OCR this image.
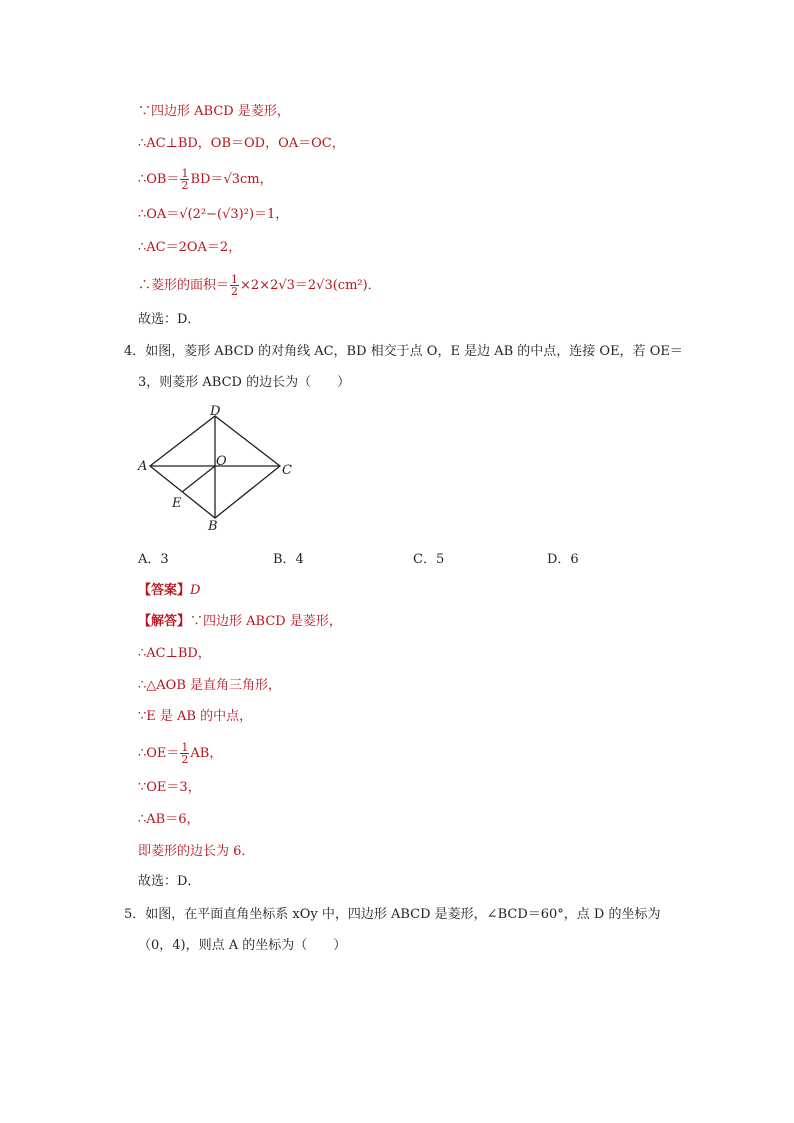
∵四边形 ABCD 是菱形，
∴AC⊥BD，OB＝OD，OA＝OC，
∴OB＝ $\frac{1}{2} BD=√3cm$，
∴OA＝√(2²−(√3)²)＝1，
∴AC＝2OA＝2，
∴菱形的面积＝ $\frac{1}{2} \times 2\times 2√3=2√3(cm^2)$．
故选：D．
4．如图，菱形 ABCD 的对角线 AC，BD 相交于点 O，E 是边 AB 的中点，连接 OE，若 OE＝
3，则菱形 ABCD 的边长为（　　）
D
A	C
O
E
B
A．3	B．4	C．5	D．6
【答案】D
【解答】∵四边形 ABCD 是菱形，
∴AC⊥BD，
∴△AOB 是直角三角形，
∵E 是 AB 的中点，
∴OE＝ $\frac{1}{2}$ AB，
∵OE＝3，
∴AB＝6，
即菱形的边长为 6．
故选：D．
5．如图，在平面直角坐标系 xOy 中，四边形 ABCD 是菱形，∠BCD＝60°，点 D 的坐标为
（0，4)，则点 A 的坐标为（　　）
